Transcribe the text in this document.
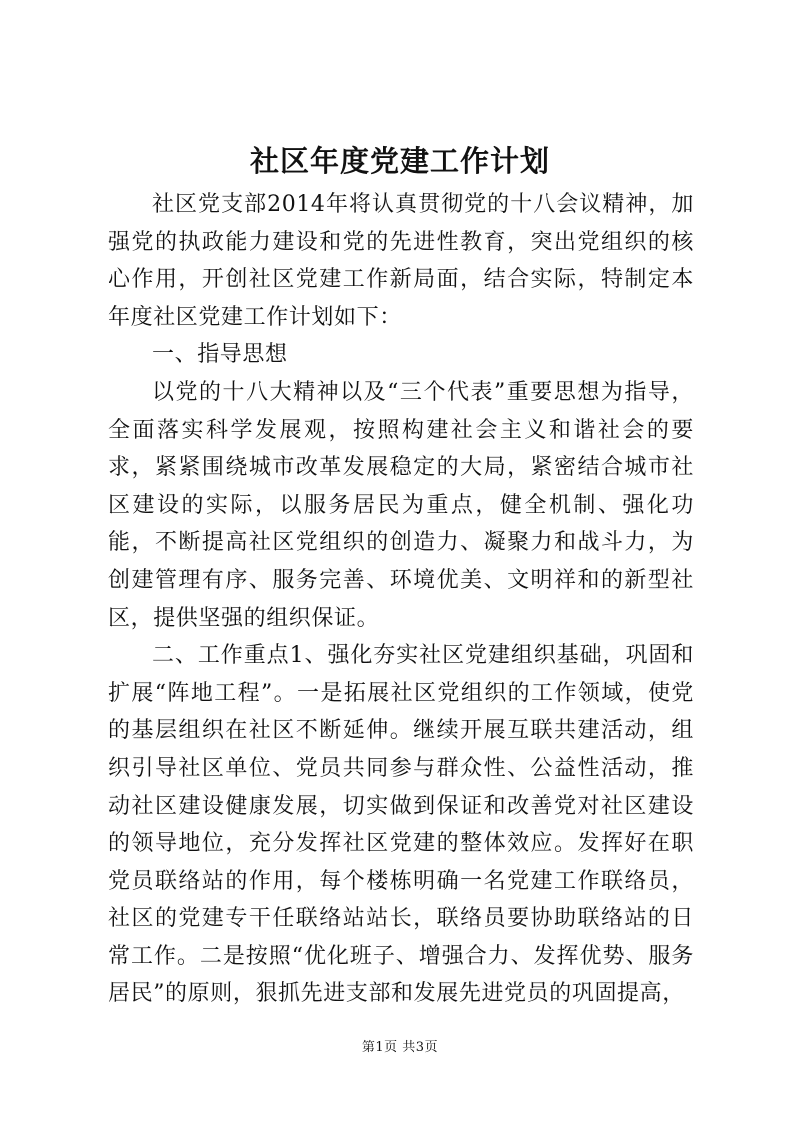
社区年度党建工作计划

社区党支部2014年将认真贯彻党的十八会议精神，加强党的执政能力建设和党的先进性教育，突出党组织的核心作用，开创社区党建工作新局面，结合实际，特制定本年度社区党建工作计划如下：

一、指导思想

以党的十八大精神以及“三个代表”重要思想为指导，全面落实科学发展观，按照构建社会主义和谐社会的要求，紧紧围绕城市改革发展稳定的大局，紧密结合城市社区建设的实际，以服务居民为重点，健全机制、强化功能，不断提高社区党组织的创造力、凝聚力和战斗力，为创建管理有序、服务完善、环境优美、文明祥和的新型社区，提供坚强的组织保证。

二、工作重点1、强化夯实社区党建组织基础，巩固和扩展“阵地工程”。一是拓展社区党组织的工作领域，使党的基层组织在社区不断延伸。继续开展互联共建活动，组织引导社区单位、党员共同参与群众性、公益性活动，推动社区建设健康发展，切实做到保证和改善党对社区建设的领导地位，充分发挥社区党建的整体效应。发挥好在职党员联络站的作用，每个楼栋明确一名党建工作联络员，社区的党建专干任联络站站长，联络员要协助联络站的日常工作。二是按照“优化班子、增强合力、发挥优势、服务居民”的原则，狠抓先进支部和发展先进党员的巩固提高，

第1页 共3页
